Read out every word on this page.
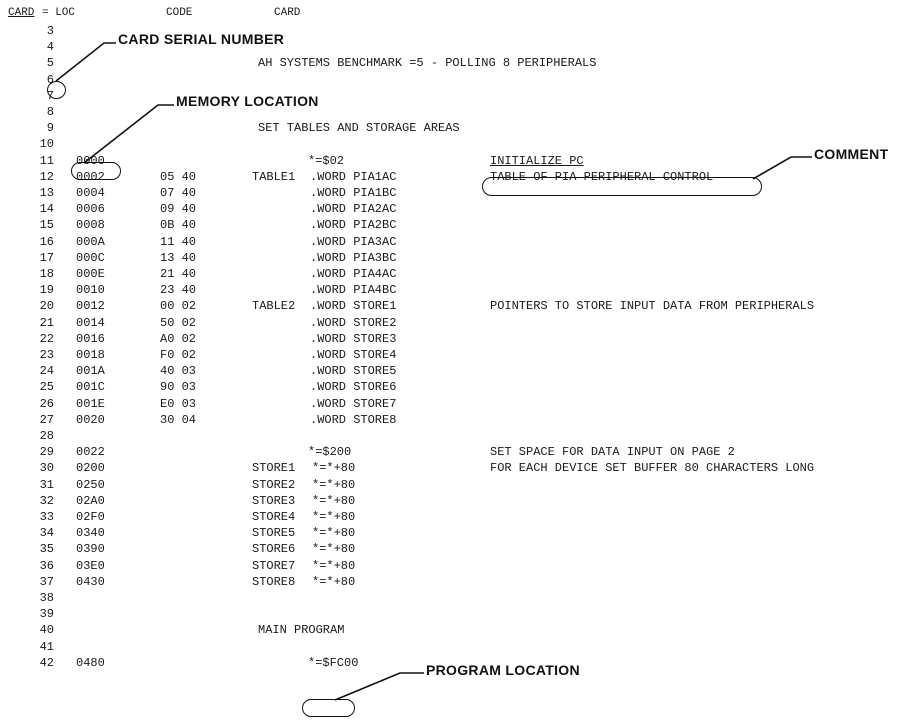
CARD = LOC	CODE	CARD
3
4
5	AH SYSTEMS BENCHMARK =5 - POLLING 8 PERIPHERALS
6
7
8
9	SET TABLES AND STORAGE AREAS
10
11 0000	*=$02	INITIALIZE PC
12 0002	05 40	TABLE1 .WORD PIA1AC	TABLE OF PIA PERIPHERAL CONTROL
13 0004	07 40	.WORD PIA1BC
14 0006	09 40	.WORD PIA2AC
15 0008	0B 40	.WORD PIA2BC
16 000A	11 40	.WORD PIA3AC
17 000C	13 40	.WORD PIA3BC
18 000E	21 40	.WORD PIA4AC
19 0010	23 40	.WORD PIA4BC
20 0012	00 02	TABLE2 .WORD STORE1	POINTERS TO STORE INPUT DATA FROM PERIPHERALS
21 0014	50 02	.WORD STORE2
22 0016	A0 02	.WORD STORE3
23 0018	F0 02	.WORD STORE4
24 001A	40 03	.WORD STORE5
25 001C	90 03	.WORD STORE6
26 001E	E0 03	.WORD STORE7
27 0020	30 04	.WORD STORE8
28
29 0022	*=$200	SET SPACE FOR DATA INPUT ON PAGE 2
30 0200	STORE1 *=*+80	FOR EACH DEVICE SET BUFFER 80 CHARACTERS LONG
31 0250	STORE2 *=*+80
32 02A0	STORE3 *=*+80
33 02F0	STORE4 *=*+80
34 0340	STORE5 *=*+80
35 0390	STORE6 *=*+80
36 03E0	STORE7 *=*+80
37 0430	STORE8 *=*+80
38
39
40	MAIN PROGRAM
41
42 0480	*=$FC00
CARD SERIAL NUMBER
MEMORY LOCATION
COMMENT
PROGRAM LOCATION
